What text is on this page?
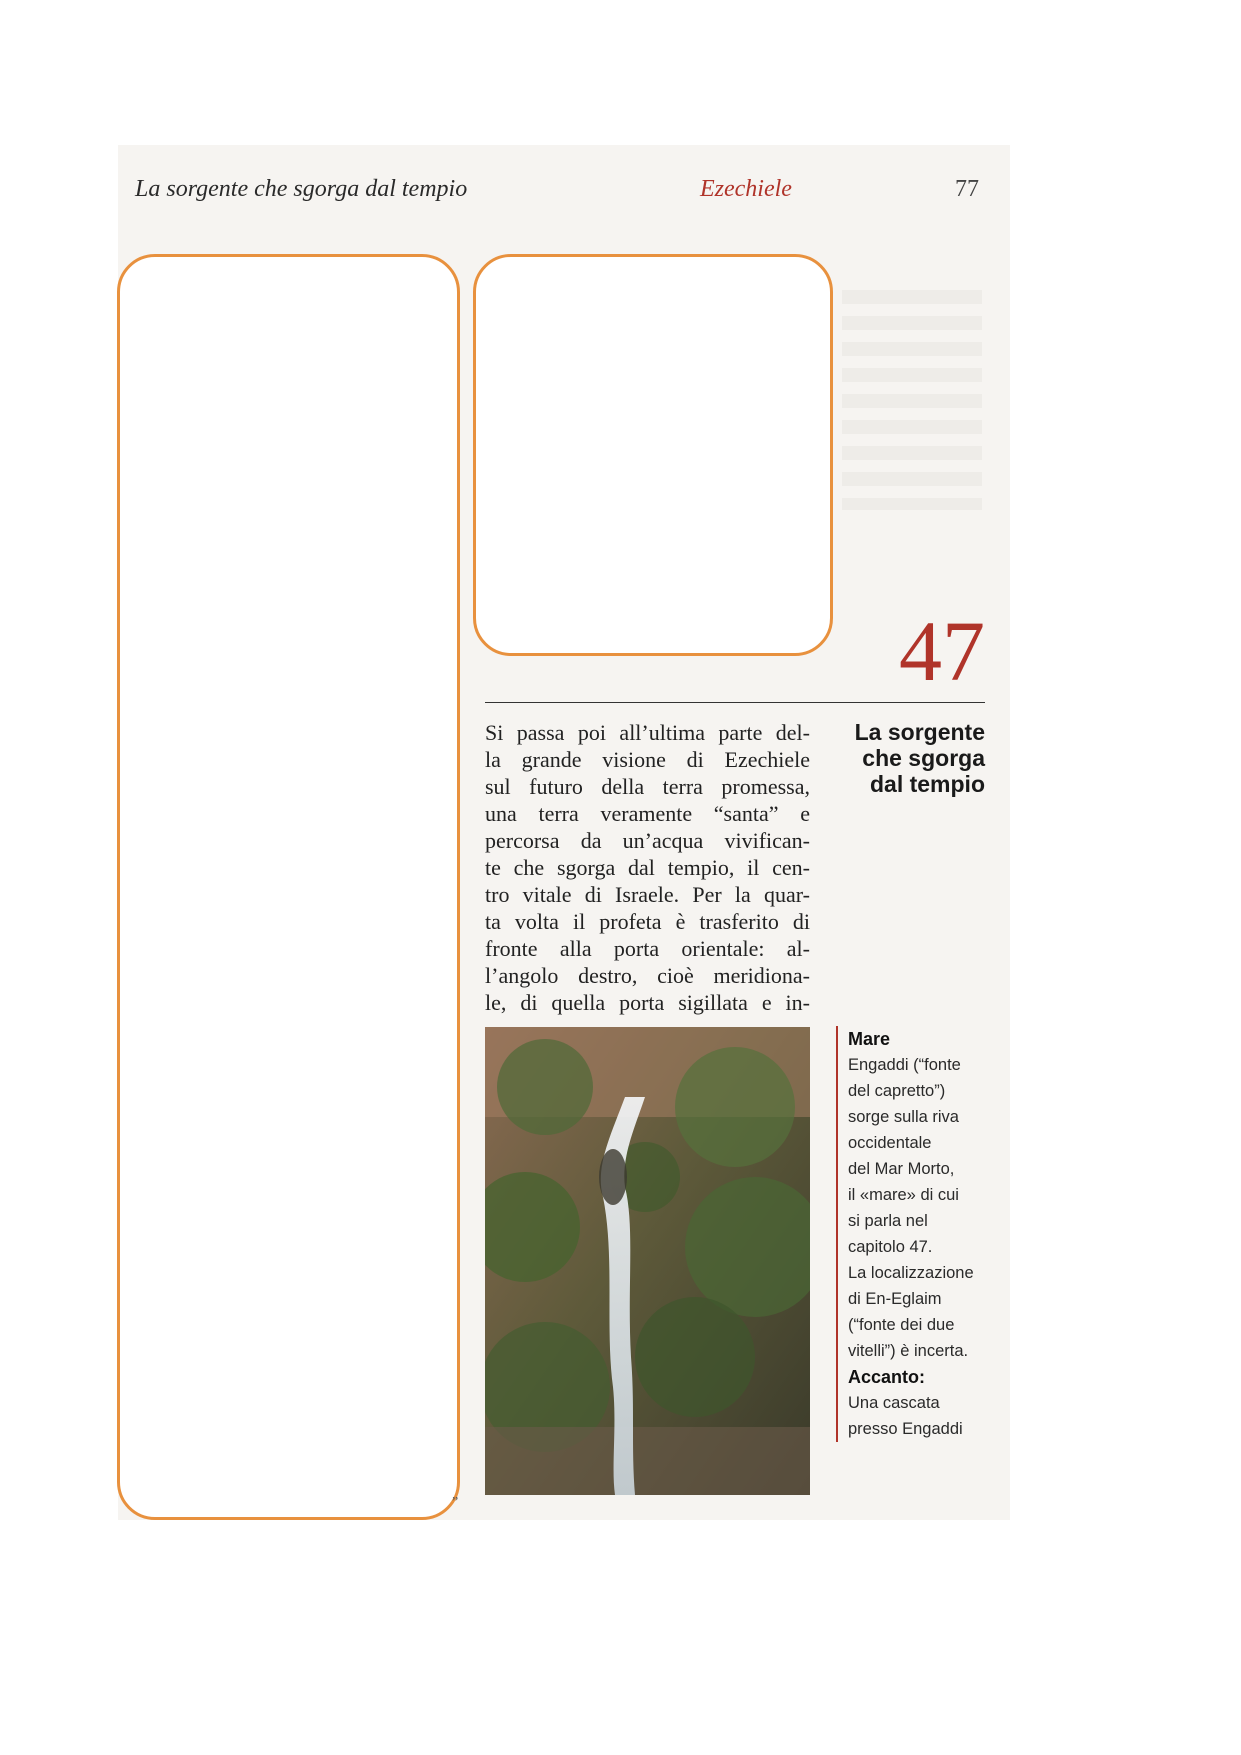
La sorgente che sgorga dal tempio	Ezechiele	77
47
Si passa poi all’ultima parte del-
la grande visione di Ezechiele
sul futuro della terra promessa,
una terra veramente “santa” e
percorsa da un’acqua vivifican-
te che sgorga dal tempio, il cen-
tro vitale di Israele. Per la quar-
ta volta il profeta è trasferito di
fronte alla porta orientale: al-
l’angolo destro, cioè meridiona-
le, di quella porta sigillata e in-
La sorgente
che sgorga
dal tempio
Mare
Engaddi (“fonte
del capretto”)
sorge sulla riva
occidentale
del Mar Morto,
il «mare» di cui
si parla nel
capitolo 47.
La localizzazione
di En-Eglaim
(“fonte dei due
vitelli”) è incerta.
Accanto:
Una cascata
presso Engaddi
”
